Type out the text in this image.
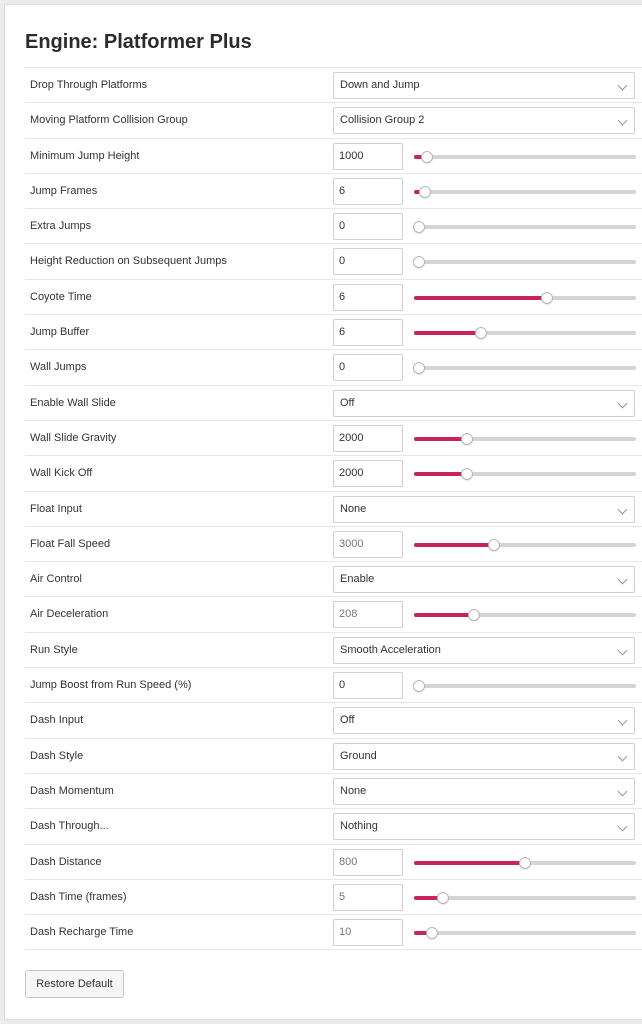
Engine: Platformer Plus
Drop Through Platforms	Down and Jump
Moving Platform Collision Group	Collision Group 2
Minimum Jump Height	1000
Jump Frames	6
Extra Jumps	0
Height Reduction on Subsequent Jumps	0
Coyote Time	6
Jump Buffer	6
Wall Jumps	0
Enable Wall Slide	Off
Wall Slide Gravity	2000
Wall Kick Off	2000
Float Input	None
Float Fall Speed	3000
Air Control	Enable
Air Deceleration	208
Run Style	Smooth Acceleration
Jump Boost from Run Speed (%)	0
Dash Input	Off
Dash Style	Ground
Dash Momentum	None
Dash Through...	Nothing
Dash Distance	800
Dash Time (frames)	5
Dash Recharge Time	10
Restore Default
